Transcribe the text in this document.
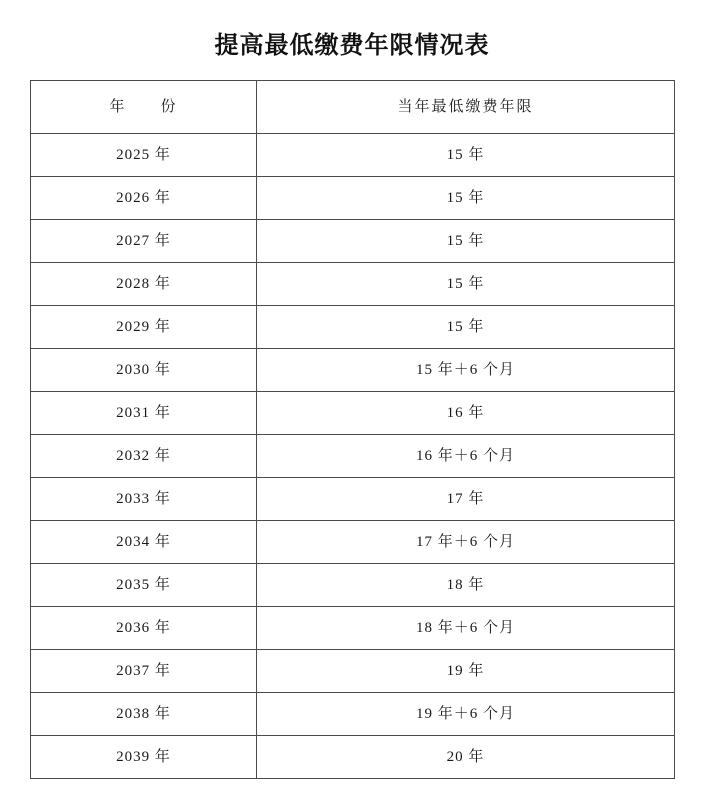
提高最低缴费年限情况表
年　　份	当年最低缴费年限

2025 年	15 年

2026 年	15 年

2027 年	15 年

2028 年	15 年

2029 年	15 年

2030 年	15 年＋6 个月

2031 年	16 年

2032 年	16 年＋6 个月

2033 年	17 年

2034 年	17 年＋6 个月

2035 年	18 年

2036 年	18 年＋6 个月

2037 年	19 年

2038 年	19 年＋6 个月

2039 年	20 年
